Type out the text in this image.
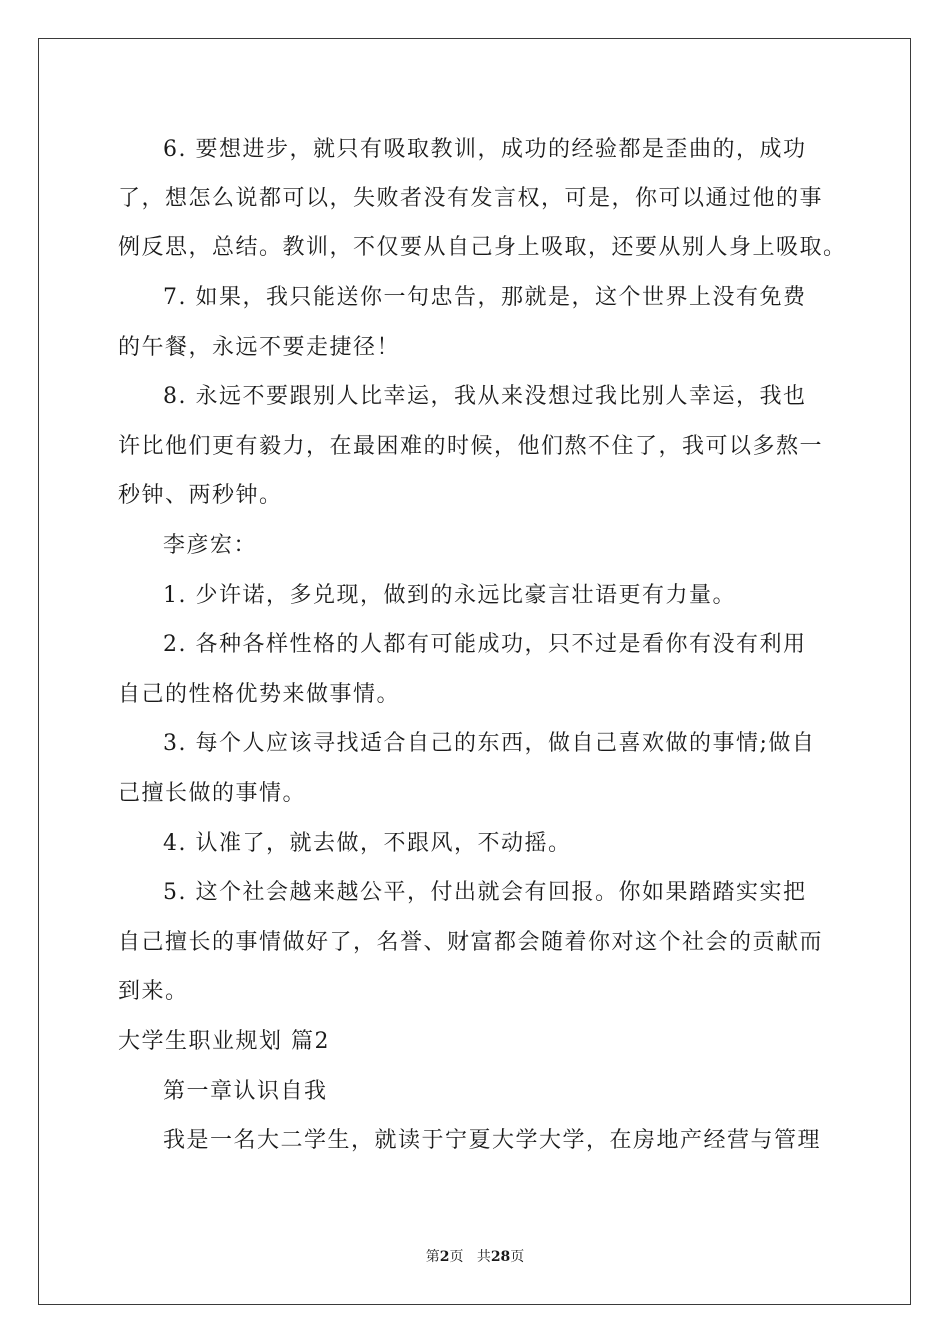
6. 要想进步，就只有吸取教训，成功的经验都是歪曲的，成功
了，想怎么说都可以，失败者没有发言权，可是，你可以通过他的事
例反思，总结。教训，不仅要从自己身上吸取，还要从别人身上吸取。
7. 如果，我只能送你一句忠告，那就是，这个世界上没有免费
的午餐，永远不要走捷径！
8. 永远不要跟别人比幸运，我从来没想过我比别人幸运，我也
许比他们更有毅力，在最困难的时候，他们熬不住了，我可以多熬一
秒钟、两秒钟。
李彦宏：
1. 少许诺，多兑现，做到的永远比豪言壮语更有力量。
2. 各种各样性格的人都有可能成功，只不过是看你有没有利用
自己的性格优势来做事情。
3. 每个人应该寻找适合自己的东西，做自己喜欢做的事情;做自
己擅长做的事情。
4. 认准了，就去做，不跟风，不动摇。
5. 这个社会越来越公平，付出就会有回报。你如果踏踏实实把
自己擅长的事情做好了，名誉、财富都会随着你对这个社会的贡献而
到来。
大学生职业规划 篇2
第一章认识自我
我是一名大二学生，就读于宁夏大学大学，在房地产经营与管理
第2页 共28页
